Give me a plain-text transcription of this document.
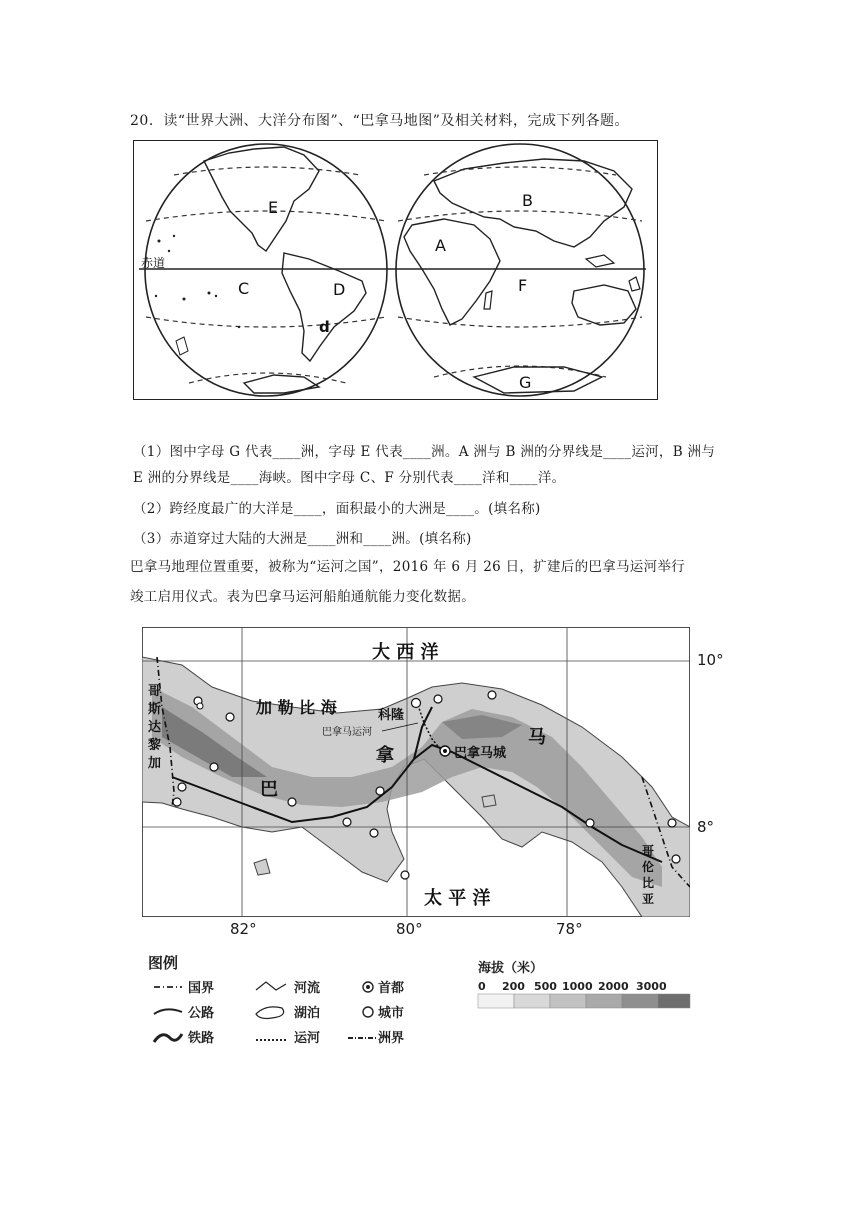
20．读“世界大洲、大洋分布图”、“巴拿马地图”及相关材料，完成下列各题。
赤道
E
C	D
d
B
A
F
G
（1）图中字母 G 代表____洲，字母 E 代表____洲。A 洲与 B 洲的分界线是____运河，B 洲与
E 洲的分界线是____海峡。图中字母 C、F 分别代表____洋和____洋。
（2）跨经度最广的大洋是____，面积最小的大洲是____。(填名称)
（3）赤道穿过大陆的大洲是____洲和____洲。(填名称)
巴拿马地理位置重要，被称为“运河之国”，2016 年 6 月 26 日，扩建后的巴拿马运河举行
竣工启用仪式。表为巴拿马运河船舶通航能力变化数据。
大 西 洋
太 平 洋
加 勒 比 海
巴拿马运河
科隆
巴拿马城
巴
拿
马
哥
斯
达
黎
加
哥
伦
比
亚
10°
8°
82°	80°	78°
图例
国界
公路
铁路
河流
湖泊
运河
首都
城市
洲界
海拔（米）
0 200 500 1000 2000 3000
